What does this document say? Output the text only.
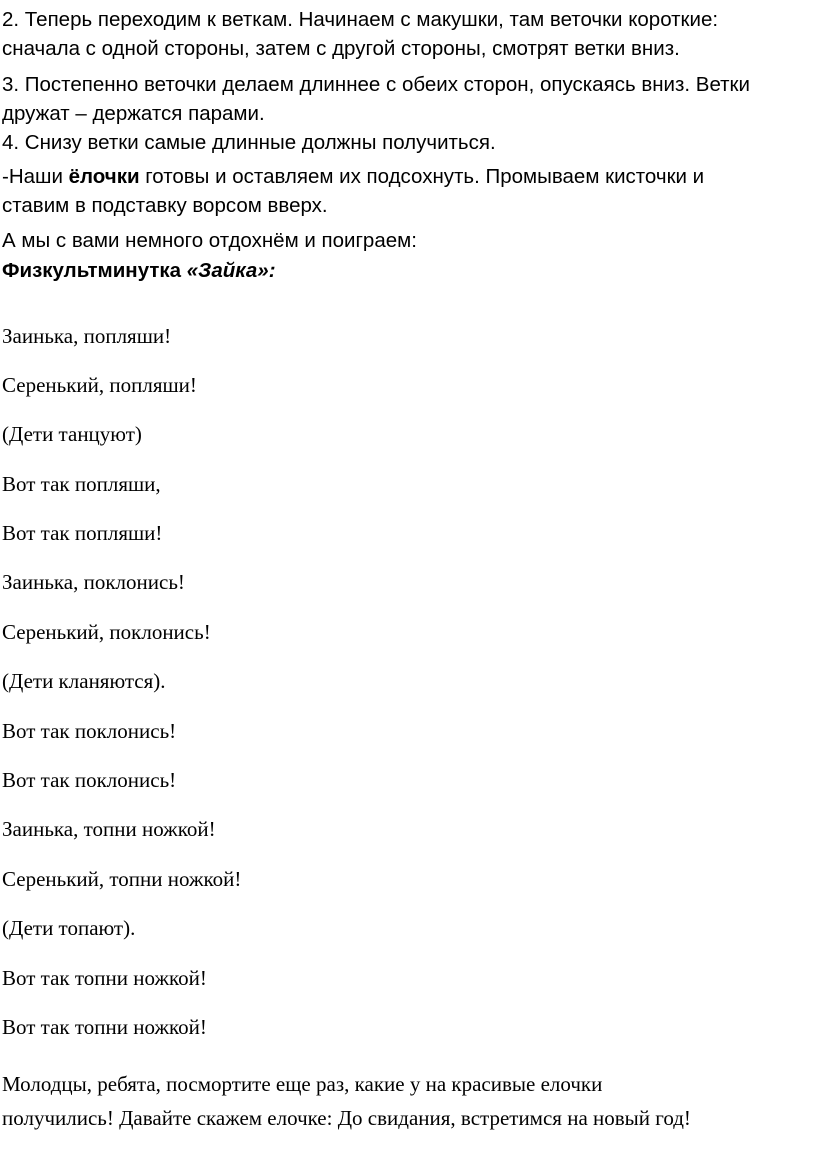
2. Теперь переходим к веткам. Начинаем с макушки, там веточки короткие:
сначала с одной стороны, затем с другой стороны, смотрят ветки вниз.

3. Постепенно веточки делаем длиннее с обеих сторон, опускаясь вниз. Ветки
дружат – держатся парами.

4. Снизу ветки самые длинные должны получиться.

-Наши ёлочки готовы и оставляем их подсохнуть. Промываем кисточки и
ставим в подставку ворсом вверх.

А мы с вами немного отдохнём и поиграем:

Физкультминутка «Зайка»:

Заинька, попляши!

Серенький, попляши!

(Дети танцуют)

Вот так попляши,

Вот так попляши!

Заинька, поклонись!

Серенький, поклонись!

(Дети кланяются).

Вот так поклонись!

Вот так поклонись!

Заинька, топни ножкой!

Серенький, топни ножкой!

(Дети топают).

Вот так топни ножкой!

Вот так топни ножкой!

Молодцы, ребята, посмортите еще раз, какие у на красивые елочки
получились! Давайте скажем елочке: До свидания, встретимся на новый год!
